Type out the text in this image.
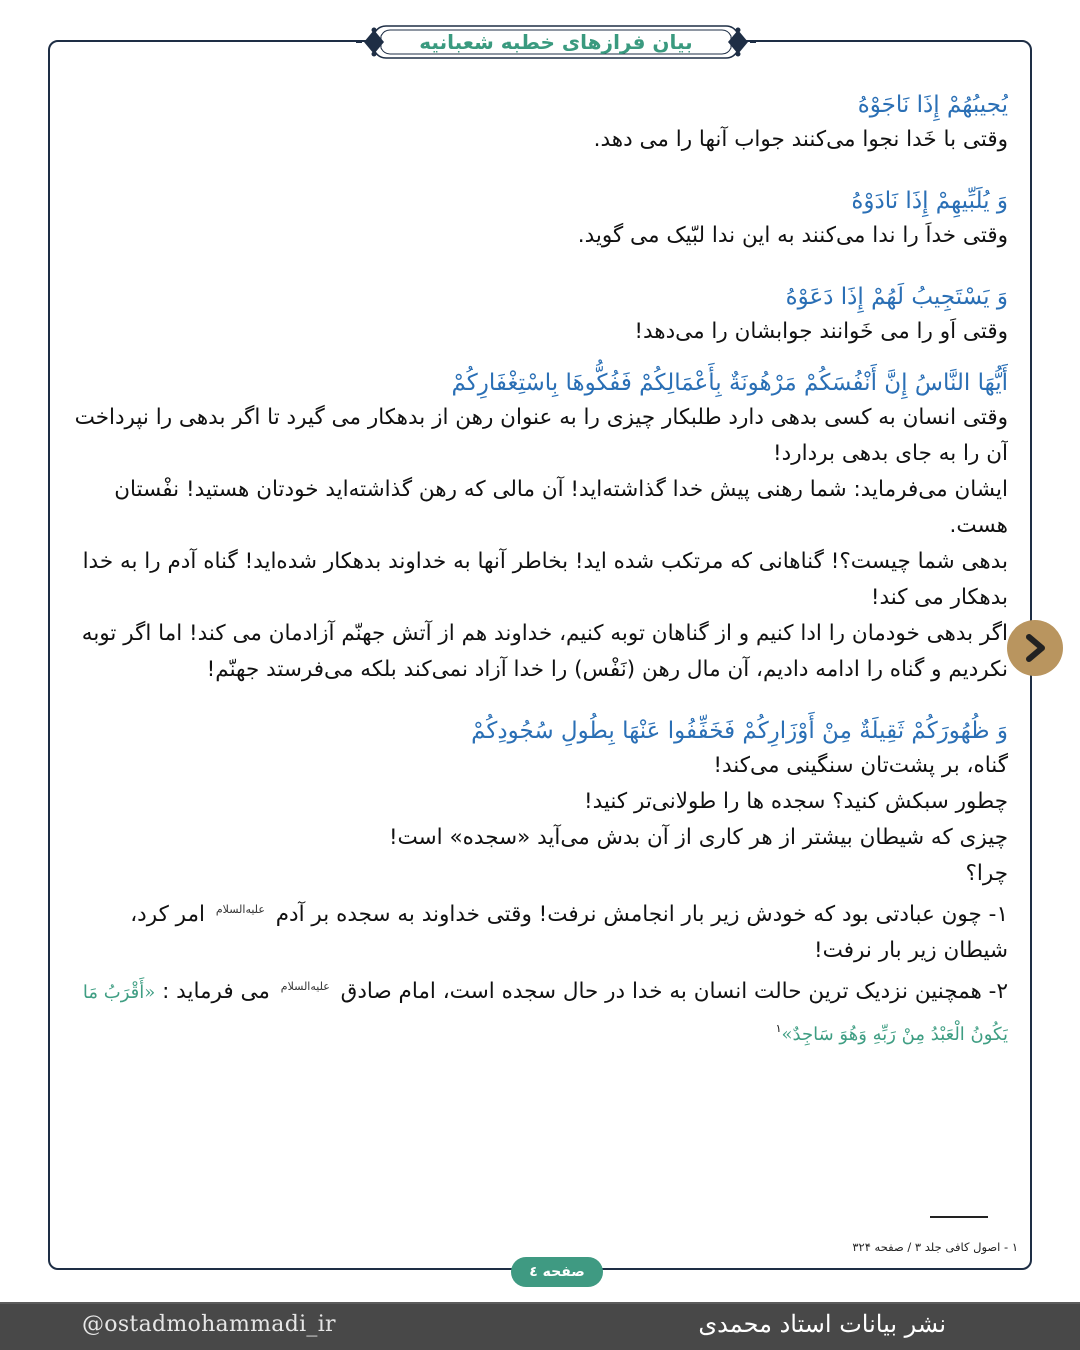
بیان فرازهای خطبه شعبانیه

یُجیبُهُمْ إِذَا نَاجَوْهُ

وقتی با خَدا نجوا می‌کنند جواب آنها را می دهد.

وَ یُلَبِّیهِمْ إِذَا نَادَوْهُ

وقتی خداَ را ندا می‌کنند به این ندا لبّیک می گوید.

وَ یَسْتَجِیبُ لَهُمْ إِذَا دَعَوْهُ

وقتی اَو را می خَوانند جوابشان را می‌دهد!

أَيُّهَا النَّاسُ إِنَّ أَنْفُسَكُمْ مَرْهُونَةٌ بِأَعْمَالِكُمْ فَفُكُّوهَا بِاسْتِغْفَارِكُمْ

وقتی انسان به کسی بدهی دارد طلبکار چیزی را به عنوان رهن از بدهکار می گیرد تا اگر بدهی را نپرداخت آن را به جای بدهی بردارد!

ایشان می‌فرماید: شما رهنی پیش خدا گذاشته‌اید! آن مالی که رهن گذاشته‌اید خودتان هستید! نفْستان هست.

بدهی شما چیست؟! گناهانی که مرتکب شده اید! بخاطر آنها به خداوند بدهکار شده‌اید! گناه آدم را به خدا بدهکار می کند!

اگر بدهی خودمان را ادا کنیم و از گناهان توبه کنیم، خداوند هم از آتش جهنّم آزادمان می کند! اما اگر توبه نکردیم و گناه را ادامه دادیم، آن مال رهن (نَفْس) را خدا آزاد نمی‌کند بلکه می‌فرستد جهنّم!

وَ ظُهُورَكُمْ ثَقِيلَةٌ مِنْ أَوْزَارِكُمْ فَخَفِّفُوا عَنْهَا بِطُولِ سُجُودِكُمْ

گناه، بر پشت‌تان سنگینی می‌کند!

چطور سبکش کنید؟ سجده ها را طولانی‌تر کنید!

چیزی که شیطان بیشتر از هر کاری از آن بدش می‌آید «سجده» است!

چرا؟

۱- چون عبادتی بود که خودش زیر بار انجامش نرفت! وقتی خداوند به سجده بر آدم $^{علیه‌السلام}$ امر کرد، شیطان زیر بار نرفت!

۲- همچنین نزدیک ترین حالت انسان به خدا در حال سجده است، امام صادق $^{علیه‌السلام}$ می فرماید : «أَقْرَبُ مَا یَکُونُ الْعَبْدُ مِنْ رَبِّهِ وَهُوَ سَاجِدٌ»$^۱$

۱ - اصول کافی جلد ۳ / صفحه ۳۲۴
صفحه ٤
@ostadmohammadi_ir	نشر بیانات استاد محمدی
